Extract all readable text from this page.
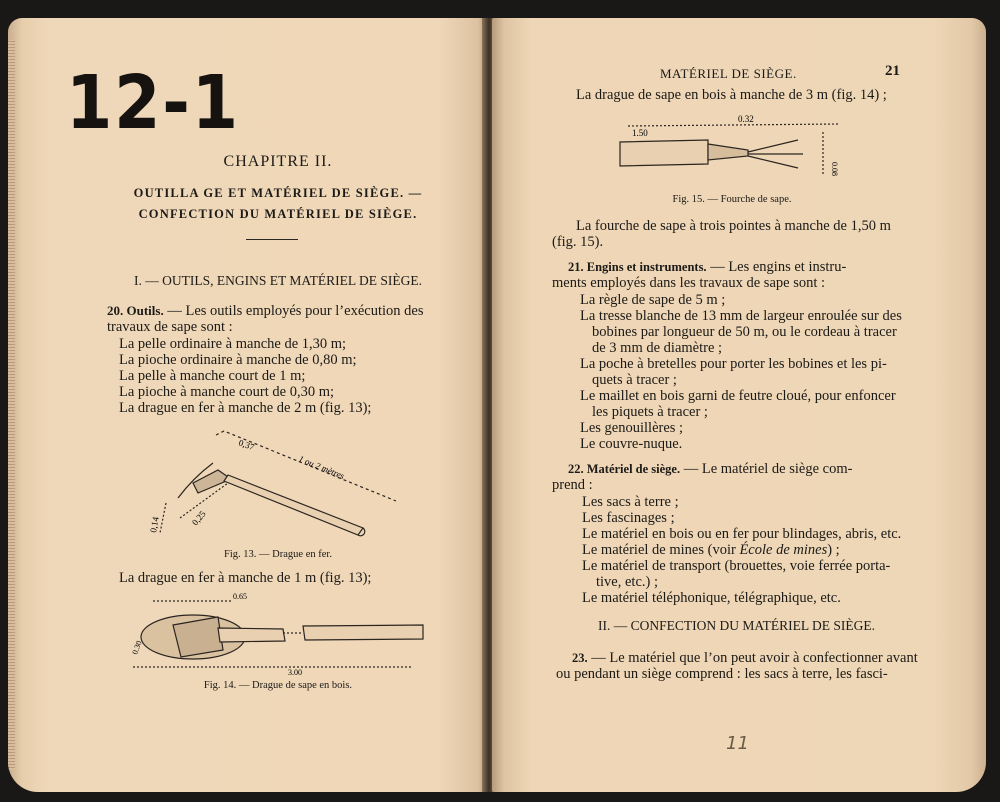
12-1
CHAPITRE II.
OUTILLA GE ET MATÉRIEL DE SIÈGE. —
CONFECTION DU MATÉRIEL DE SIÈGE.
I. — OUTILS, ENGINS ET MATÉRIEL DE SIÈGE.
20. Outils. — Les outils employés pour l’exécution des
travaux de sape sont :
La pelle ordinaire à manche de 1,30 m;
La pioche ordinaire à manche de 0,80 m;
La pelle à manche court de 1 m;
La pioche à manche court de 0,30 m;
La drague en fer à manche de 2 m (fig. 13);
0,37
1 ou 2 mètres
0,25
0,14
Fig. 13. — Drague en fer.
La drague en fer à manche de 1 m (fig. 13);
0.65
0.30
3.00
Fig. 14. — Drague de sape en bois.
MATÉRIEL DE SIÈGE.	21
La drague de sape en bois à manche de 3 m (fig. 14) ;
1.50
0.32
0.08
Fig. 15. — Fourche de sape.
La fourche de sape à trois pointes à manche de 1,50 m
(fig. 15).
21. Engins et instruments. — Les engins et instru-
ments employés dans les travaux de sape sont :
La règle de sape de 5 m ;
La tresse blanche de 13 mm de largeur enroulée sur des
bobines par longueur de 50 m, ou le cordeau à tracer
de 3 mm de diamètre ;
La poche à bretelles pour porter les bobines et les pi-
quets à tracer ;
Le maillet en bois garni de feutre cloué, pour enfoncer
les piquets à tracer ;
Les genouillères ;
Le couvre-nuque.
22. Matériel de siège. — Le matériel de siège com-
prend :
Les sacs à terre ;
Les fascinages ;
Le matériel en bois ou en fer pour blindages, abris, etc.
Le matériel de mines (voir École de mines) ;
Le matériel de transport (brouettes, voie ferrée porta-
tive, etc.) ;
Le matériel téléphonique, télégraphique, etc.
II. — CONFECTION DU MATÉRIEL DE SIÈGE.
23. — Le matériel que l’on peut avoir à confectionner avant
ou pendant un siège comprend : les sacs à terre, les fasci-
11
